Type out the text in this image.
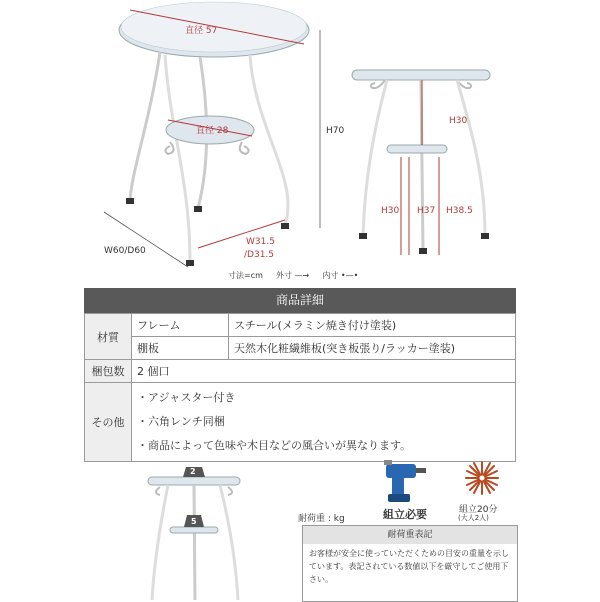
直径 57
直径 28	H70
W60/D60
W31.5
/D31.5
H30
H30 H37 H38.5
寸法=cm 外寸 —→ 内寸 •—•
商品詳細
材質	フレーム	スチール(メラミン焼き付け塗装)
	棚板	天然木化粧繊維板(突き板張り/ラッカー塗装)
梱包数	2 個口	
その他	・アジャスター付き
・六角レンチ同梱
・商品によって色味や木目などの風合いが異なります。	
2
5	耐荷重 : kg	組立必要	組立20分
(大人2人)
耐荷重表記
お客様が安全に使っていただくための目安の重量を示しています。表記されている数値以下を厳守してご使用下さい。
